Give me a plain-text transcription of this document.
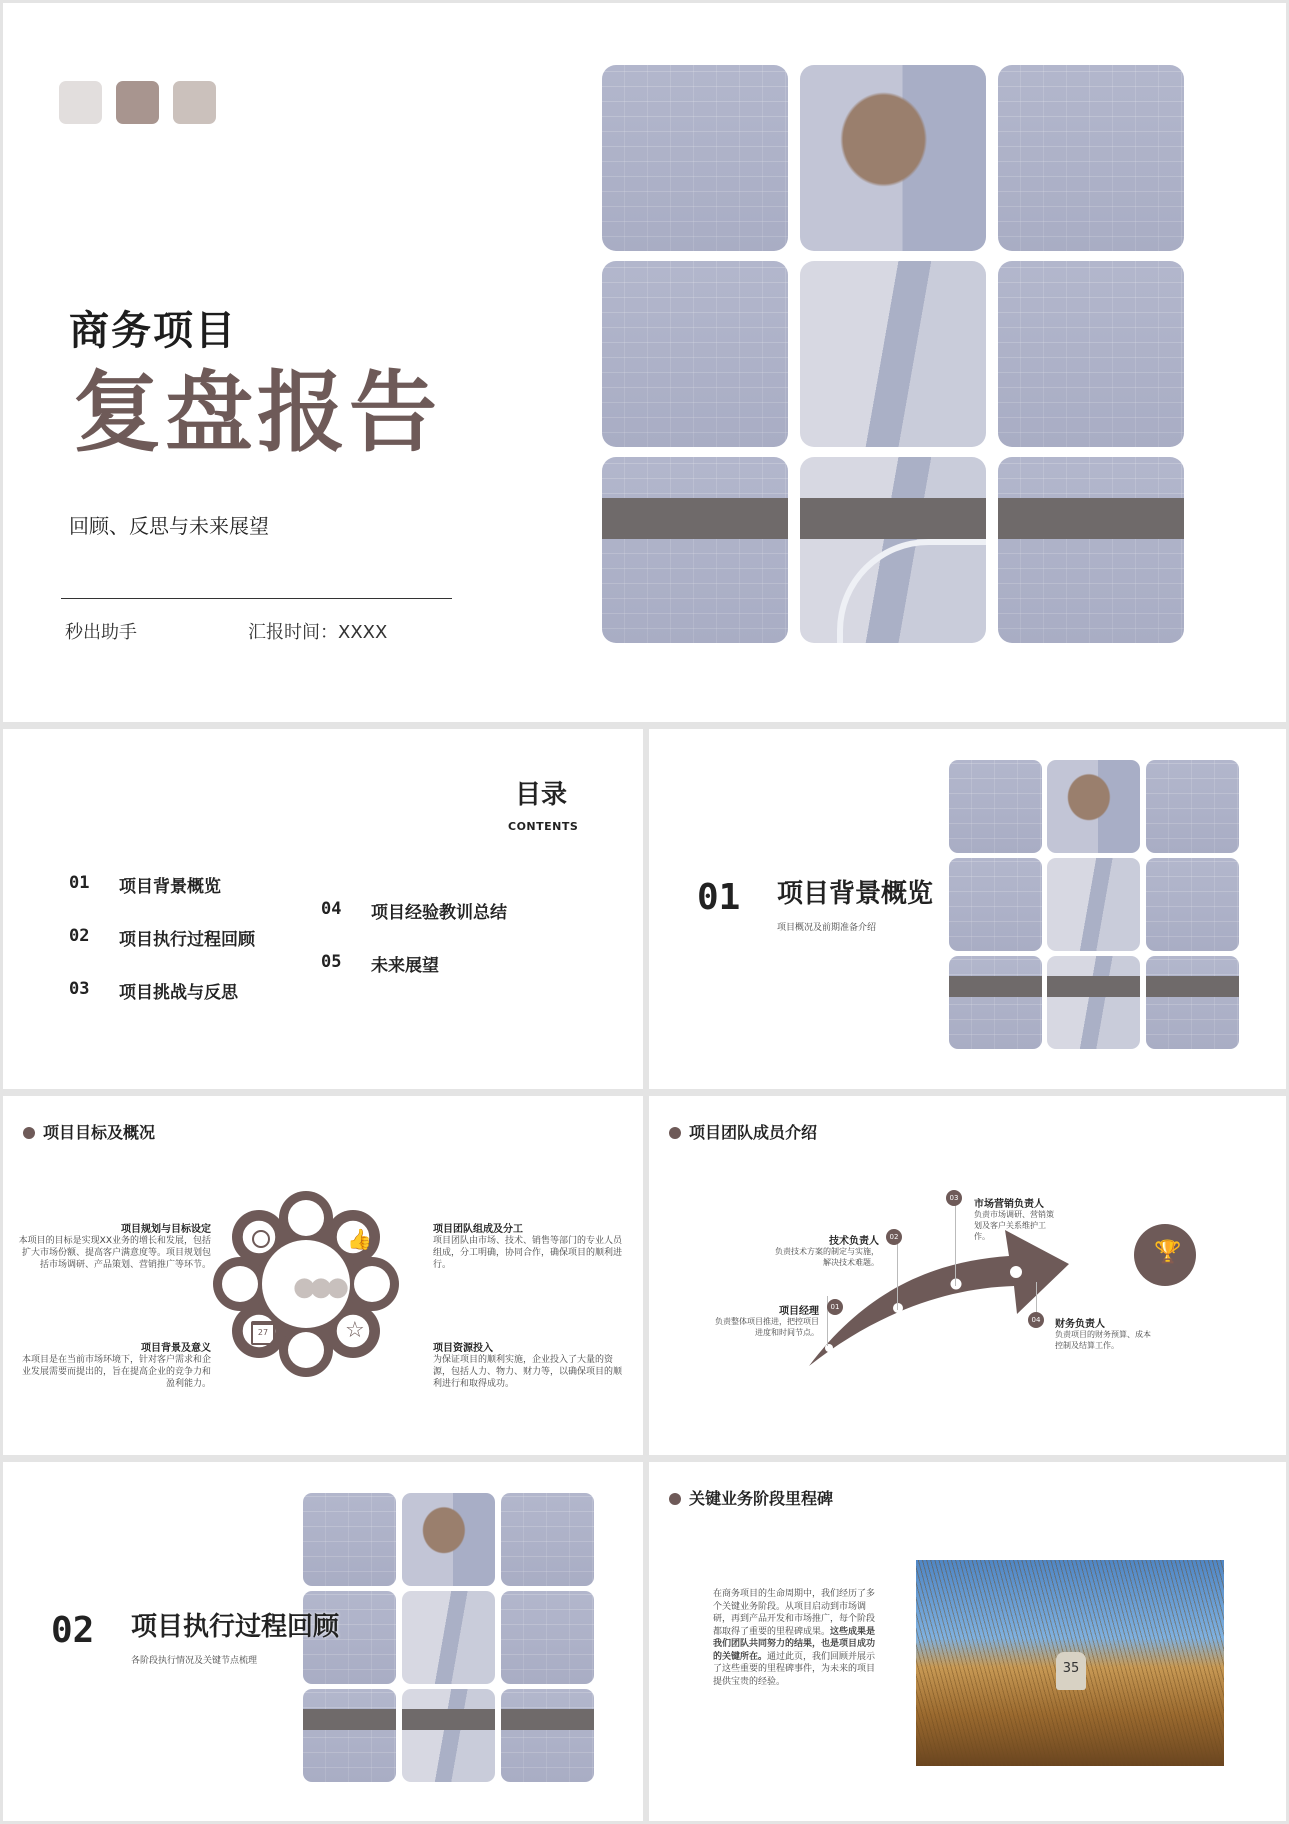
商务项目
复盘报告
回顾、反思与未来展望
秒出助手	汇报时间：XXXX
目录
CONTENTS
01 项目背景概览
02 项目执行过程回顾
03 项目挑战与反思
04 项目经验教训总结
05 未来展望
01 项目背景概览
项目概况及前期准备介绍
项目目标及概况
👍
27	☆
●●●
项目规划与目标设定
本项目的目标是实现XX业务的增长和发展，包括扩大市场份额、提高客户满意度等。项目规划包括市场调研、产品策划、营销推广等环节。
项目背景及意义
本项目是在当前市场环境下，针对客户需求和企业发展需要而提出的，旨在提高企业的竞争力和盈利能力。
项目团队组成及分工
项目团队由市场、技术、销售等部门的专业人员组成，分工明确，协同合作，确保项目的顺利进行。
项目资源投入
为保证项目的顺利实施，企业投入了大量的资源，包括人力、物力、财力等，以确保项目的顺利进行和取得成功。
项目团队成员介绍
🏆
01
项目经理
负责整体项目推进，把控项目进度和时间节点。
02
技术负责人
负责技术方案的制定与实施，解决技术难题。
03
市场营销负责人
负责市场调研、营销策划及客户关系维护工作。
04	财务负责人
负责项目的财务预算、成本控制及结算工作。
02 项目执行过程回顾
各阶段执行情况及关键节点梳理
关键业务阶段里程碑
在商务项目的生命周期中，我们经历了多个关键业务阶段。从项目启动到市场调研，再到产品开发和市场推广，每个阶段都取得了重要的里程碑成果。这些成果是我们团队共同努力的结果，也是项目成功的关键所在。通过此页，我们回顾并展示了这些重要的里程碑事件，为未来的项目提供宝贵的经验。
35
